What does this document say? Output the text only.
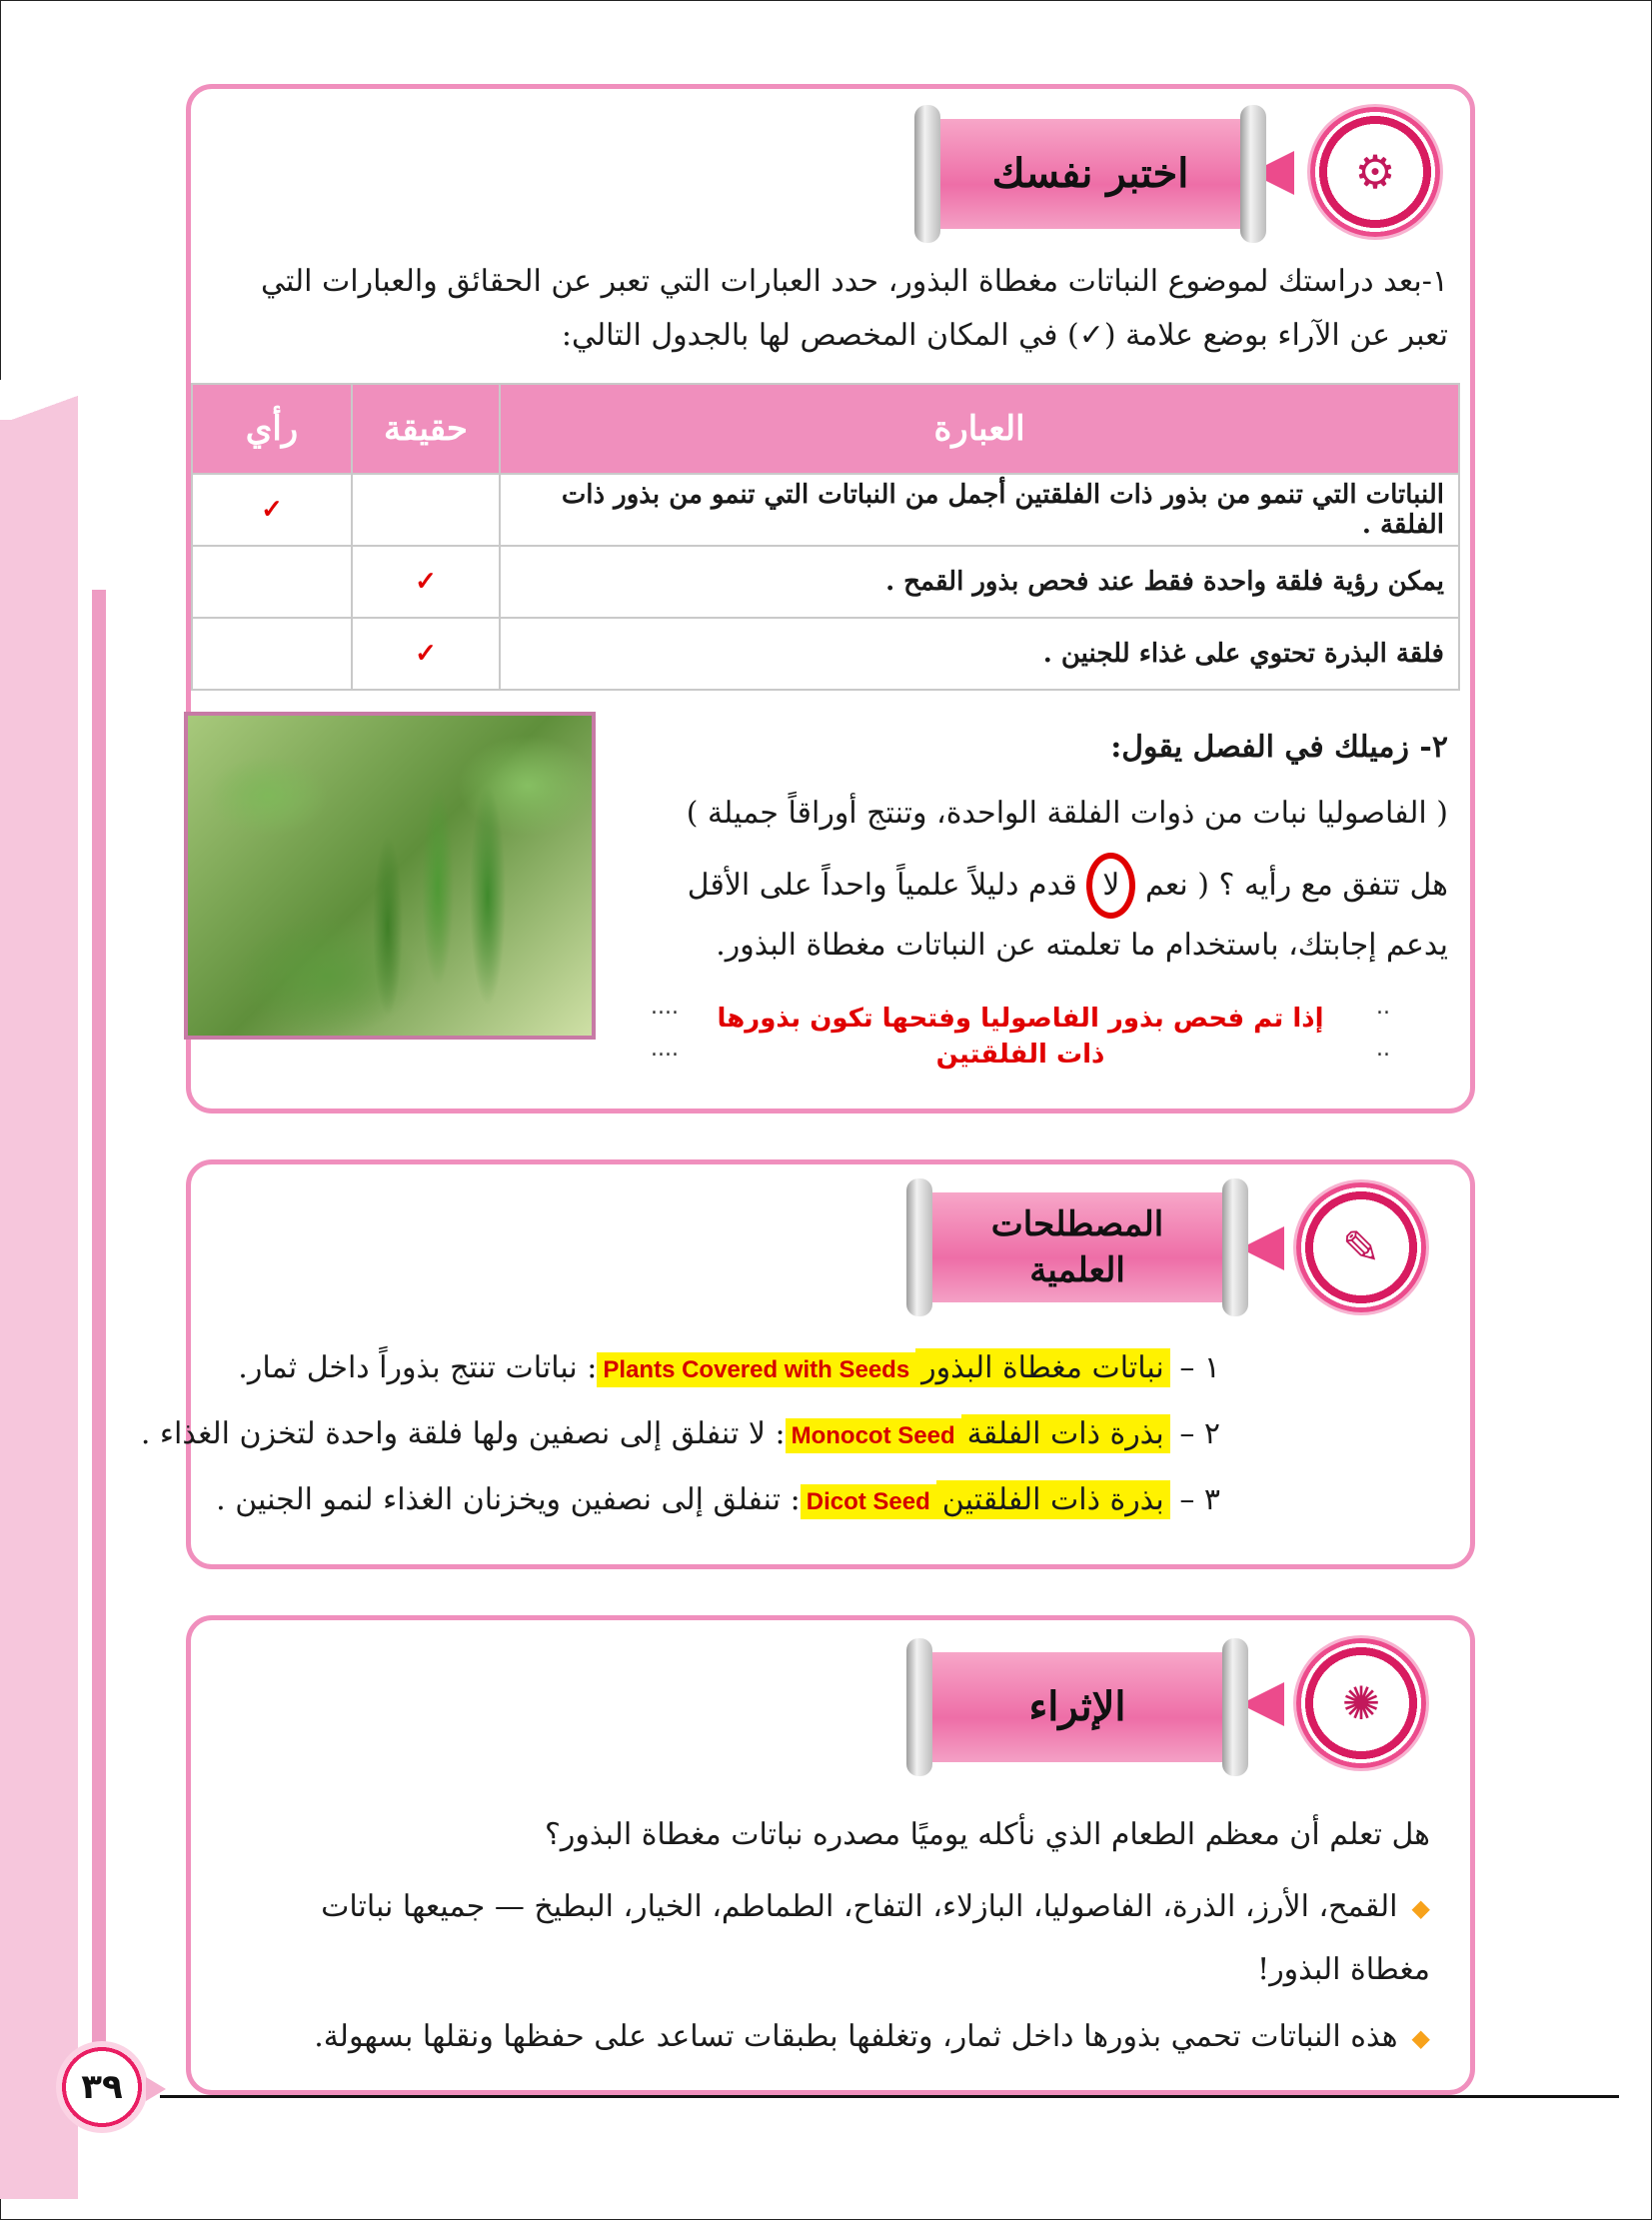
⚙
اختبر نفسك
١-بعد دراستك لموضوع النباتات مغطاة البذور، حدد العبارات التي تعبر عن الحقائق والعبارات التي تعبر عن الآراء بوضع علامة (✓) في المكان المخصص لها بالجدول التالي:
العبارة	حقيقة	رأي
النباتات التي تنمو من بذور ذات الفلقتين أجمل من النباتات التي تنمو من بذور ذات الفلقة .		✓
يمكن رؤية فلقة واحدة فقط عند فحص بذور القمح .	✓	
فلقة البذرة تحتوي على غذاء للجنين .	✓	
٢- زميلك في الفصل يقول:
( الفاصوليا نبات من ذوات الفلقة الواحدة، وتنتج أوراقاً جميلة )
هل تتفق مع رأيه ؟ ( نعم لا قدم دليلاً علمياً واحداً على الأقل
يدعم إجابتك، باستخدام ما تعلمته عن النباتات مغطاة البذور.
إذا تم فحص بذور الفاصوليا وفتحها تكون بذورها ذات الفلقتين
..
..
....
....
✎
المصطلحات
العلمية
١ – نباتات مغطاة البذورPlants Covered with Seeds: نباتات تنتج بذوراً داخل ثمار.
٢ – بذرة ذات الفلقةMonocot Seed: لا تنفلق إلى نصفين ولها فلقة واحدة لتخزن الغذاء .
٣ – بذرة ذات الفلقتينDicot Seed: تنفلق إلى نصفين ويخزنان الغذاء لنمو الجنين .
✺
الإثراء
هل تعلم أن معظم الطعام الذي نأكله يوميًا مصدره نباتات مغطاة البذور؟
◆القمح، الأرز، الذرة، الفاصوليا، البازلاء، التفاح، الطماطم، الخيار، البطيخ — جميعها نباتات مغطاة البذور!
◆هذه النباتات تحمي بذورها داخل ثمار، وتغلفها بطبقات تساعد على حفظها ونقلها بسهولة.
٣٩
